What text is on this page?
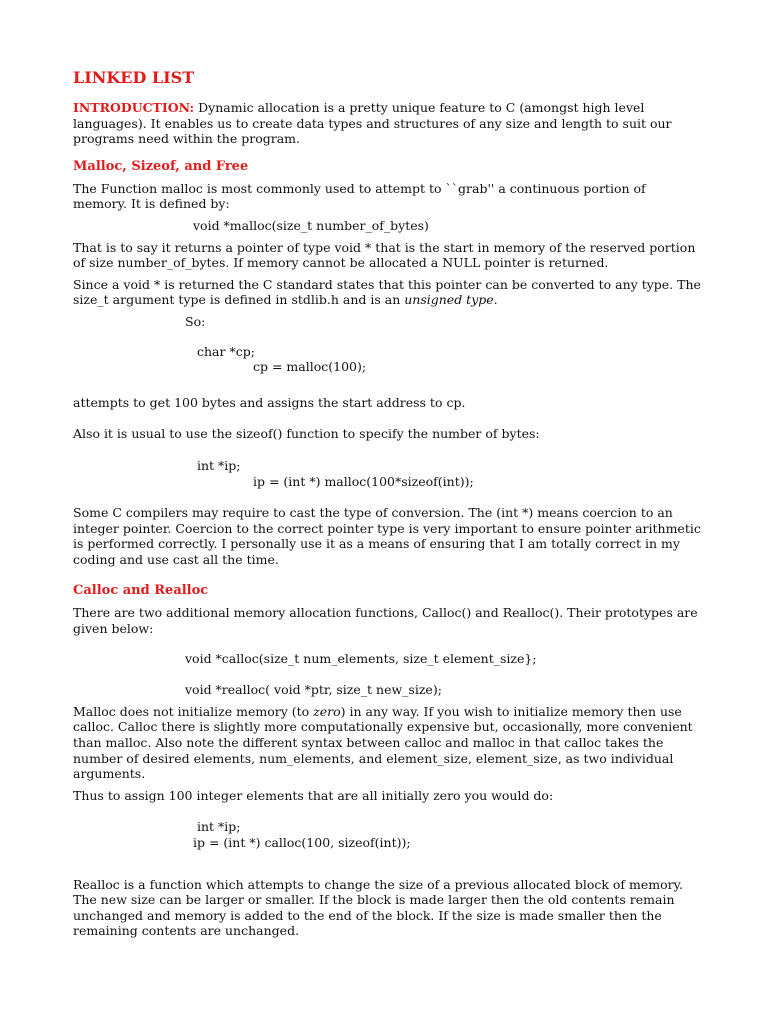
LINKED LIST

INTRODUCTION: Dynamic allocation is a pretty unique feature to C (amongst high level languages). It enables us to create data types and structures of any size and length to suit our programs need within the program.

Malloc, Sizeof, and Free

The Function malloc is most commonly used to attempt to ``grab'' a continuous portion of memory. It is defined by:

void *malloc(size_t number_of_bytes)

That is to say it returns a pointer of type void * that is the start in memory of the reserved portion of size number_of_bytes. If memory cannot be allocated a NULL pointer is returned.

Since a void * is returned the C standard states that this pointer can be converted to any type. The size_t argument type is defined in stdlib.h and is an unsigned type.

So:
char *cp;
cp = malloc(100);

attempts to get 100 bytes and assigns the start address to cp.

Also it is usual to use the sizeof() function to specify the number of bytes:

int *ip;
ip = (int *) malloc(100*sizeof(int));

Some C compilers may require to cast the type of conversion. The (int *) means coercion to an integer pointer. Coercion to the correct pointer type is very important to ensure pointer arithmetic is performed correctly. I personally use it as a means of ensuring that I am totally correct in my coding and use cast all the time.

Calloc and Realloc

There are two additional memory allocation functions, Calloc() and Realloc(). Their prototypes are given below:

void *calloc(size_t num_elements, size_t element_size};
void *realloc( void *ptr, size_t new_size);

Malloc does not initialize memory (to zero) in any way. If you wish to initialize memory then use calloc. Calloc there is slightly more computationally expensive but, occasionally, more convenient than malloc. Also note the different syntax between calloc and malloc in that calloc takes the number of desired elements, num_elements, and element_size, element_size, as two individual arguments.

Thus to assign 100 integer elements that are all initially zero you would do:

int *ip;
ip = (int *) calloc(100, sizeof(int));

Realloc is a function which attempts to change the size of a previous allocated block of memory. The new size can be larger or smaller. If the block is made larger then the old contents remain unchanged and memory is added to the end of the block. If the size is made smaller then the remaining contents are unchanged.
